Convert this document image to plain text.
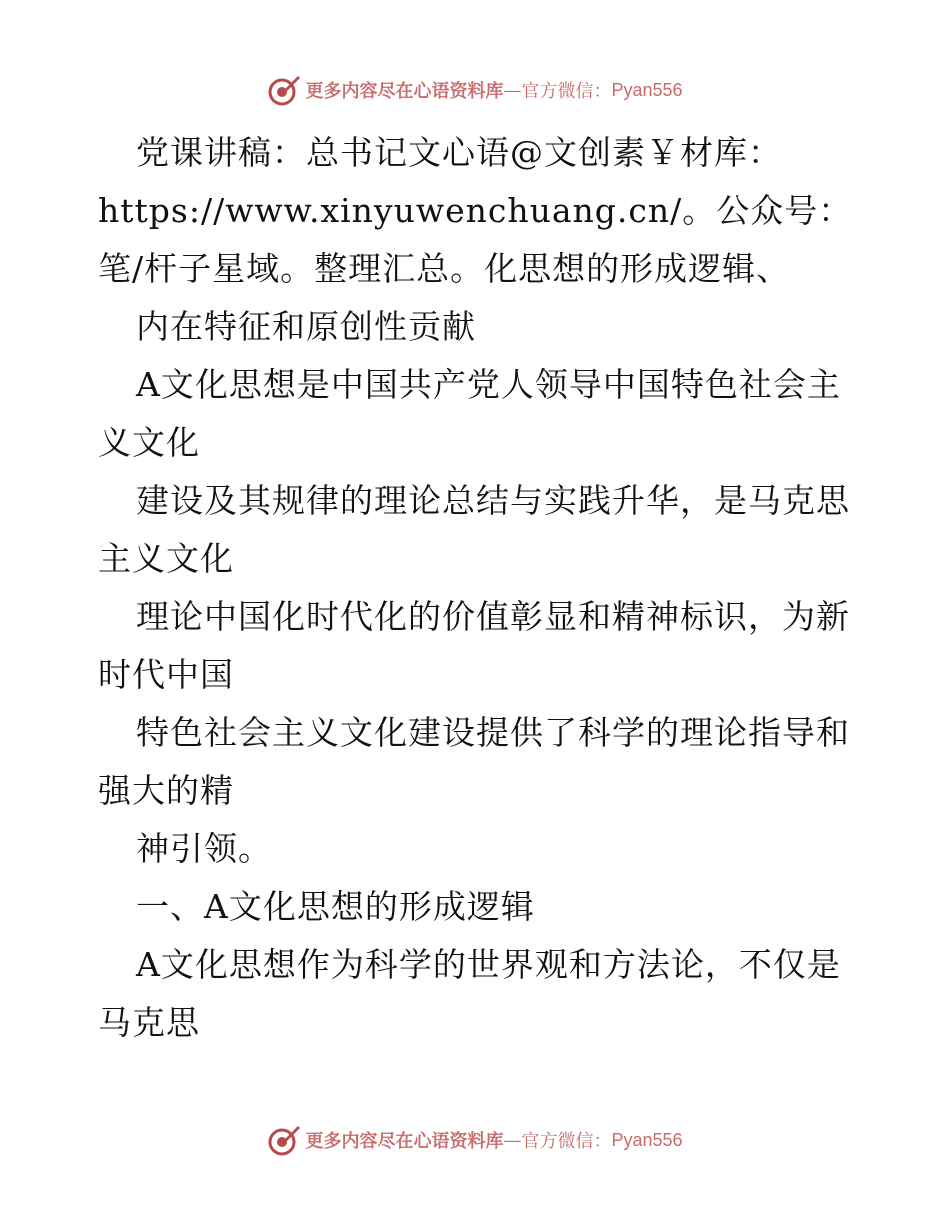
更多内容尽在心语资料库 — 官方微信： Pyan556
党课讲稿：总书记文心语@文创素￥材库：
https://www.xinyuwenchuang.cn/。公众号：
笔/杆子星域。整理汇总。化思想的形成逻辑、
内在特征和原创性贡献
A文化思想是中国共产党人领导中国特色社会主
义文化
建设及其规律的理论总结与实践升华，是马克思
主义文化
理论中国化时代化的价值彰显和精神标识，为新
时代中国
特色社会主义文化建设提供了科学的理论指导和
强大的精
神引领。
一、A文化思想的形成逻辑
A文化思想作为科学的世界观和方法论，不仅是
马克思
更多内容尽在心语资料库 — 官方微信： Pyan556
